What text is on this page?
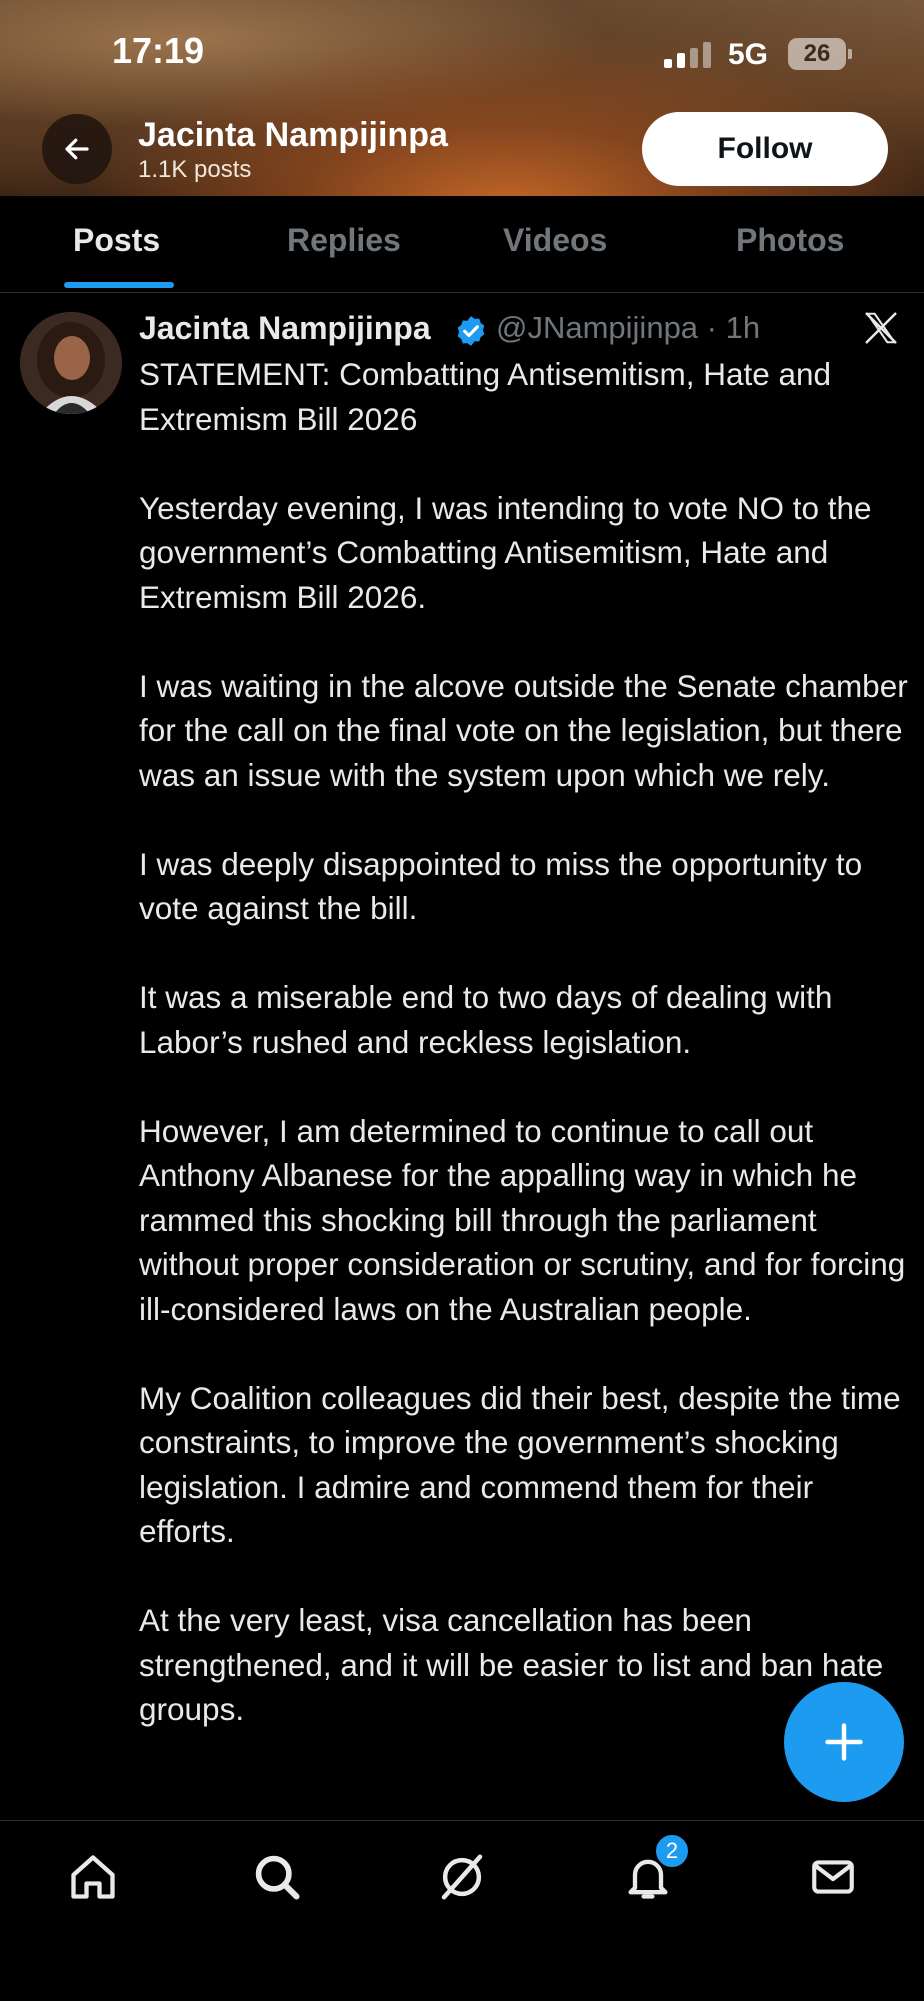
17:19	5G	26
Jacinta Nampijinpa
1.1K posts
Follow
Posts	Replies	Videos	Photos
Jacinta Nampijinpa @JNampijinpa · 1h

STATEMENT: Combatting Antisemitism, Hate and Extremism Bill 2026

Yesterday evening, I was intending to vote NO to the government’s Combatting Antisemitism, Hate and Extremism Bill 2026.

I was waiting in the alcove outside the Senate chamber for the call on the final vote on the legislation, but there was an issue with the system upon which we rely.

I was deeply disappointed to miss the opportunity to vote against the bill.

It was a miserable end to two days of dealing with Labor’s rushed and reckless legislation.

However, I am determined to continue to call out Anthony Albanese for the appalling way in which he rammed this shocking bill through the parliament without proper consideration or scrutiny, and for forcing ill-considered laws on the Australian people.

My Coalition colleagues did their best, despite the time constraints, to improve the government’s shocking legislation. I admire and commend them for their efforts.

At the very least, visa cancellation has been strengthened, and it will be easier to list and ban hate groups.

2
